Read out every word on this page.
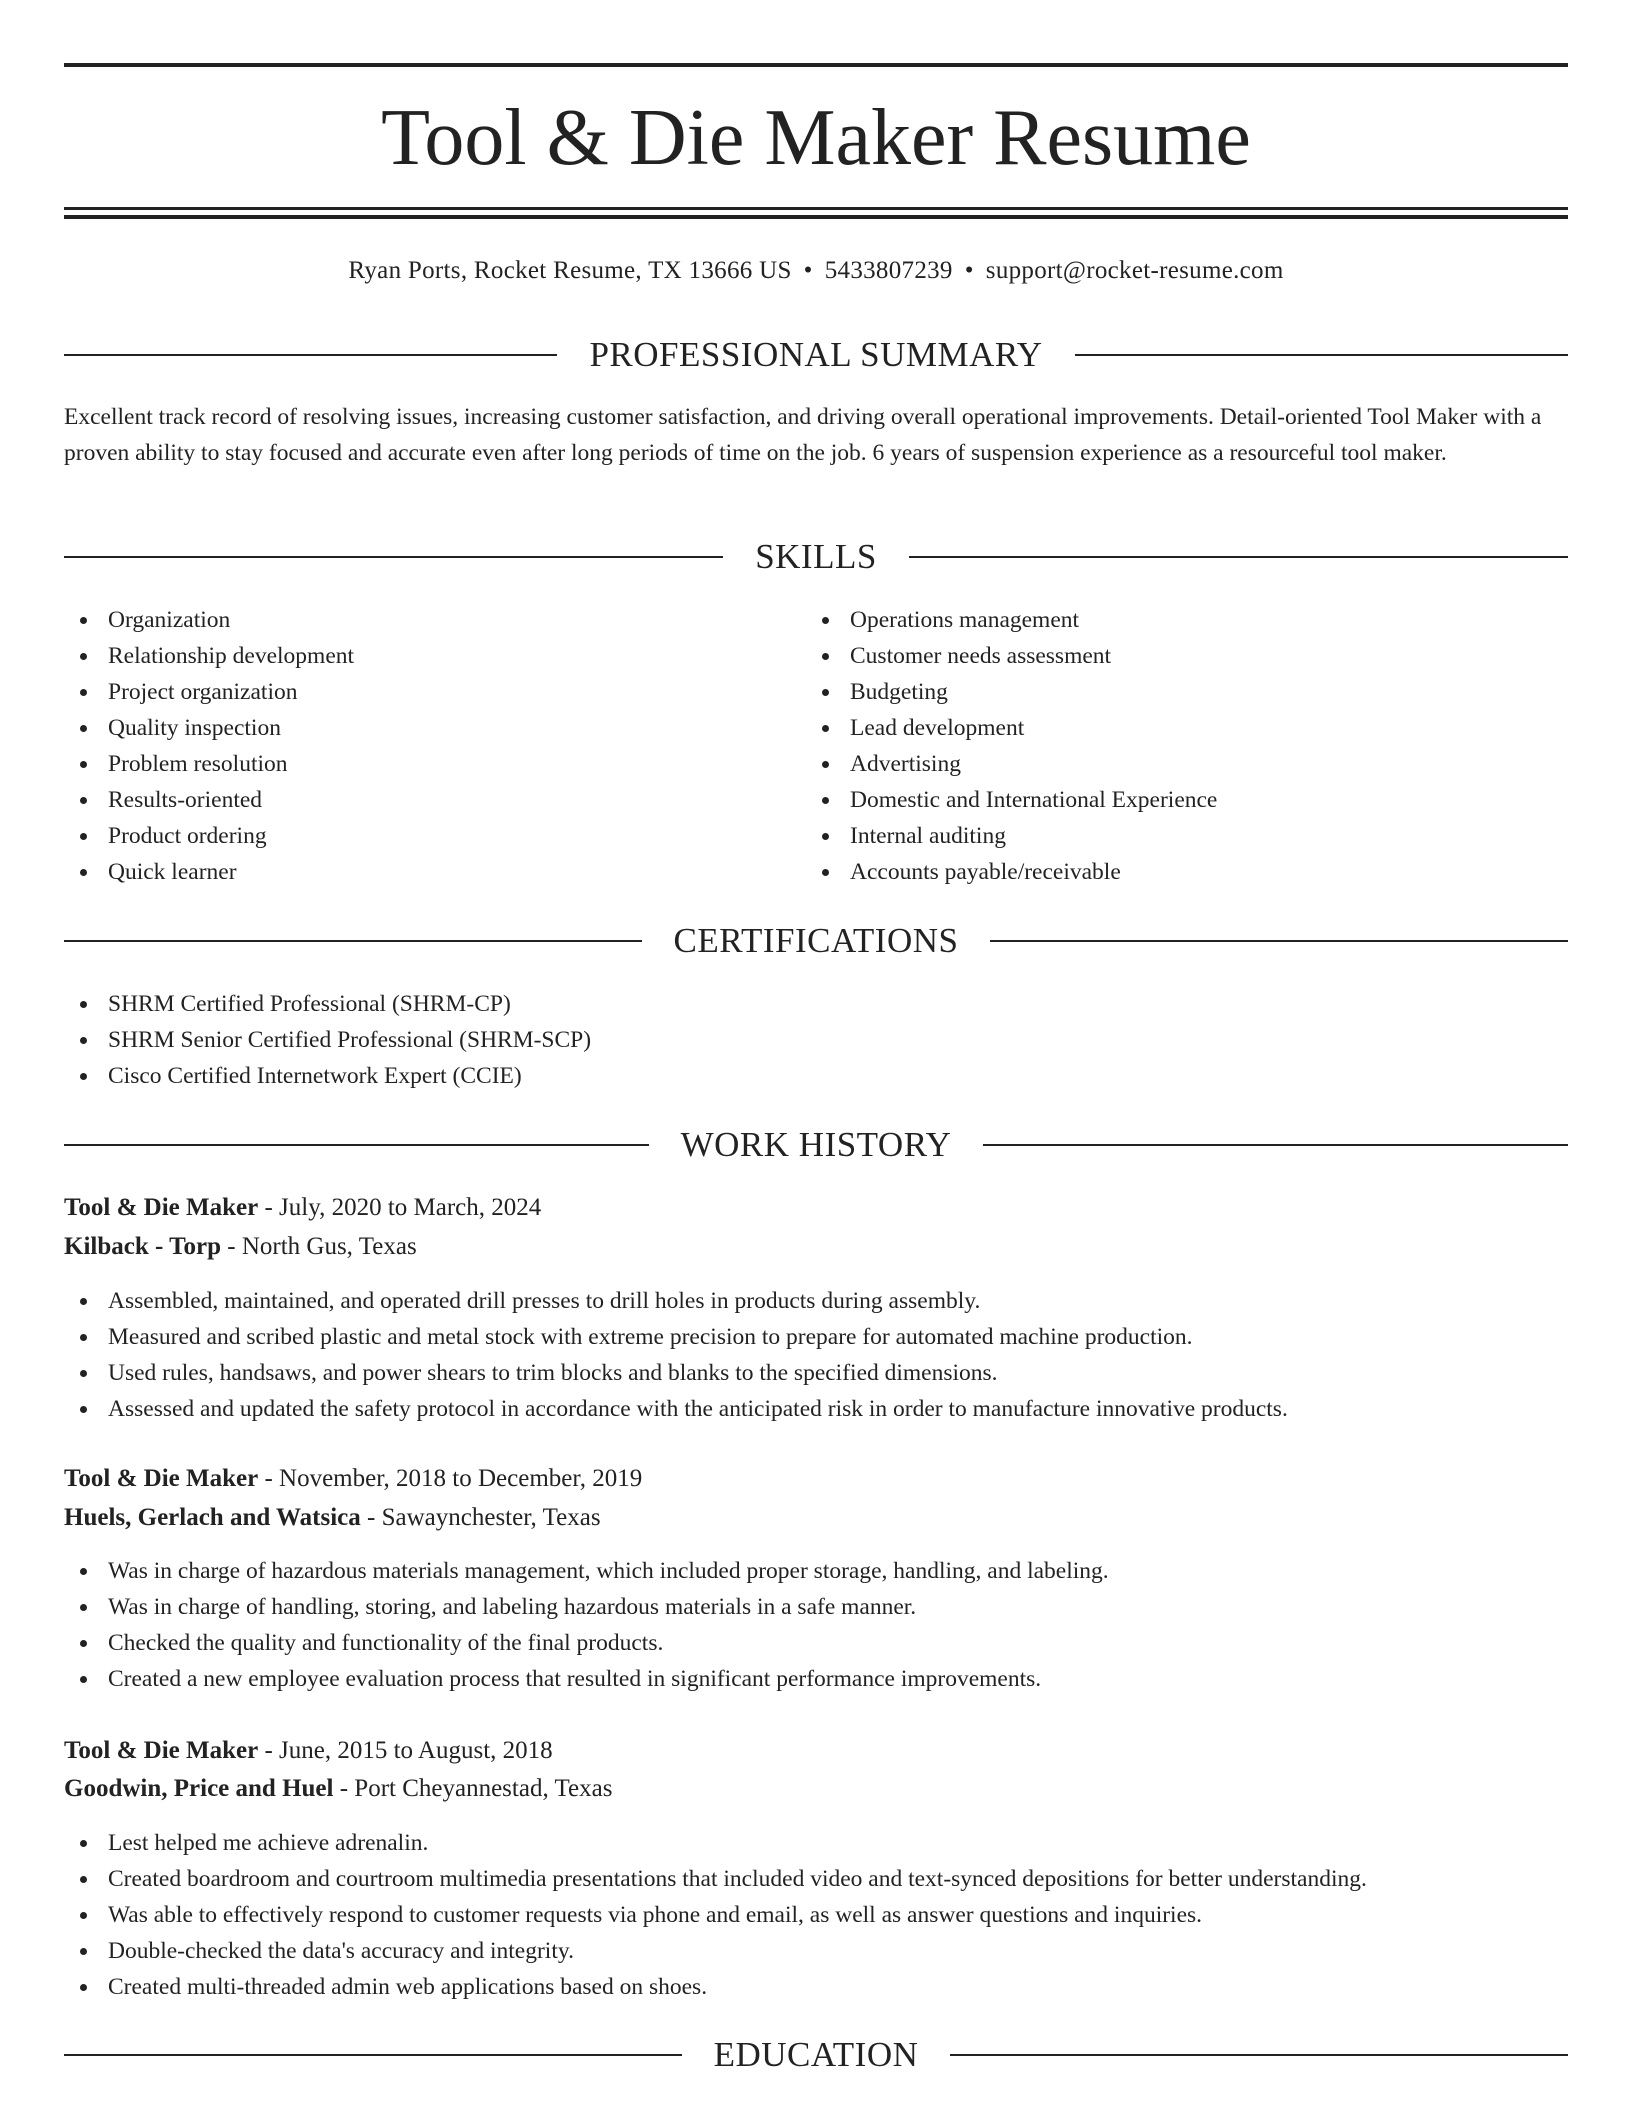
Tool & Die Maker Resume
Ryan Ports, Rocket Resume, TX 13666 US • 5433807239 • support@rocket-resume.com
PROFESSIONAL SUMMARY

Excellent track record of resolving issues, increasing customer satisfaction, and driving overall operational improvements. Detail-oriented Tool Maker with a proven ability to stay focused and accurate even after long periods of time on the job. 6 years of suspension experience as a resourceful tool maker.

SKILLS
Organization
Relationship development
Project organization
Quality inspection
Problem resolution
Results-oriented
Product ordering
Quick learner
Operations management
Customer needs assessment
Budgeting
Lead development
Advertising
Domestic and International Experience
Internal auditing
Accounts payable/receivable
CERTIFICATIONS
SHRM Certified Professional (SHRM-CP)
SHRM Senior Certified Professional (SHRM-SCP)
Cisco Certified Internetwork Expert (CCIE)
WORK HISTORY
Tool & Die Maker - July, 2020 to March, 2024
Kilback - Torp - North Gus, Texas
Assembled, maintained, and operated drill presses to drill holes in products during assembly.
Measured and scribed plastic and metal stock with extreme precision to prepare for automated machine production.
Used rules, handsaws, and power shears to trim blocks and blanks to the specified dimensions.
Assessed and updated the safety protocol in accordance with the anticipated risk in order to manufacture innovative products.
Tool & Die Maker - November, 2018 to December, 2019
Huels, Gerlach and Watsica - Sawaynchester, Texas
Was in charge of hazardous materials management, which included proper storage, handling, and labeling.
Was in charge of handling, storing, and labeling hazardous materials in a safe manner.
Checked the quality and functionality of the final products.
Created a new employee evaluation process that resulted in significant performance improvements.
Tool & Die Maker - June, 2015 to August, 2018
Goodwin, Price and Huel - Port Cheyannestad, Texas
Lest helped me achieve adrenalin.
Created boardroom and courtroom multimedia presentations that included video and text-synced depositions for better understanding.
Was able to effectively respond to customer requests via phone and email, as well as answer questions and inquiries.
Double-checked the data's accuracy and integrity.
Created multi-threaded admin web applications based on shoes.
EDUCATION
